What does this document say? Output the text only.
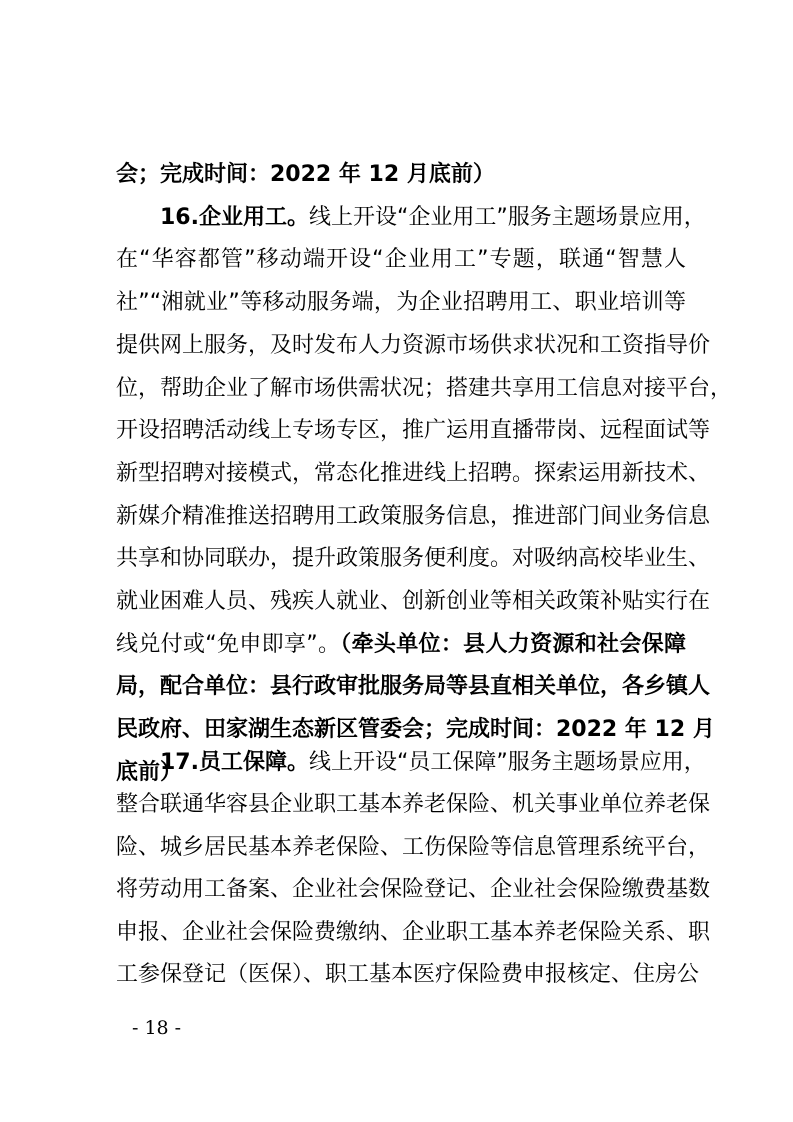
会；完成时间：2022 年 12 月底前）
16.企业用工。线上开设“企业用工”服务主题场景应用，
在“华容都管”移动端开设“企业用工”专题，联通“智慧人
社”“湘就业”等移动服务端，为企业招聘用工、职业培训等
提供网上服务，及时发布人力资源市场供求状况和工资指导价
位，帮助企业了解市场供需状况；搭建共享用工信息对接平台，
开设招聘活动线上专场专区，推广运用直播带岗、远程面试等
新型招聘对接模式，常态化推进线上招聘。探索运用新技术、
新媒介精准推送招聘用工政策服务信息，推进部门间业务信息
共享和协同联办，提升政策服务便利度。对吸纳高校毕业生、
就业困难人员、残疾人就业、创新创业等相关政策补贴实行在
线兑付或“免申即享”。（牵头单位：县人力资源和社会保障
局，配合单位：县行政审批服务局等县直相关单位，各乡镇人
民政府、田家湖生态新区管委会；完成时间：2022 年 12 月
底前）
17.员工保障。线上开设“员工保障”服务主题场景应用，
整合联通华容县企业职工基本养老保险、机关事业单位养老保
险、城乡居民基本养老保险、工伤保险等信息管理系统平台，
将劳动用工备案、企业社会保险登记、企业社会保险缴费基数
申报、企业社会保险费缴纳、企业职工基本养老保险关系、职
工参保登记（医保）、职工基本医疗保险费申报核定、住房公
- 18 -
